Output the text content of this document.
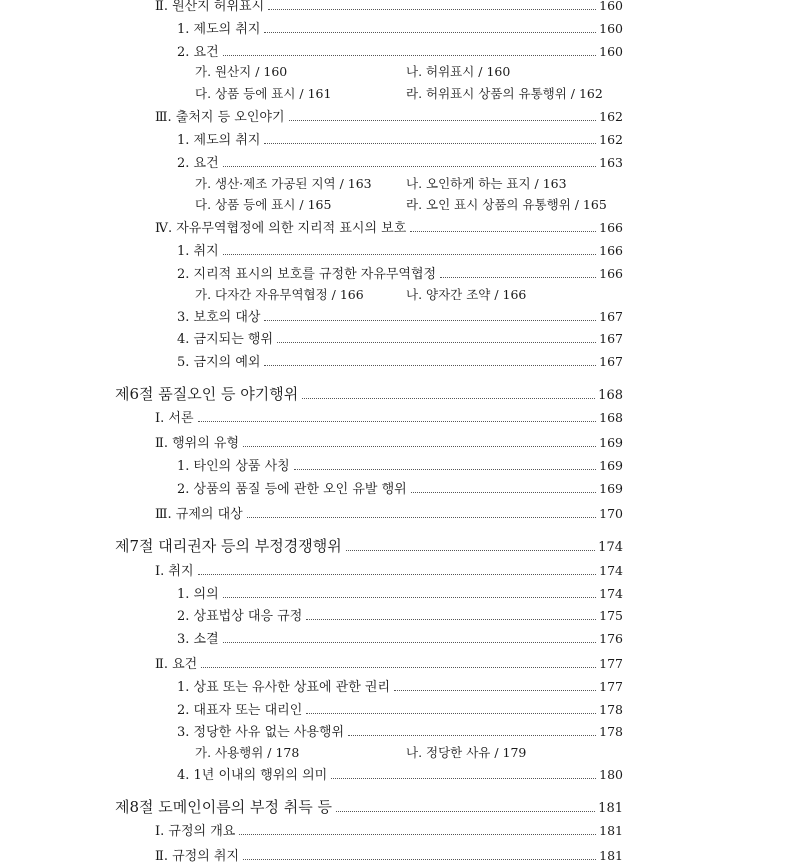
Ⅱ. 원산지 허위표시	160
1. 제도의 취지	160
2. 요건	160
가. 원산지 / 160	나. 허위표시 / 160
다. 상품 등에 표시 / 161	라. 허위표시 상품의 유통행위 / 162
Ⅲ. 출처지 등 오인야기	162
1. 제도의 취지	162
2. 요건	163
가. 생산·제조 가공된 지역 / 163	나. 오인하게 하는 표지 / 163
다. 상품 등에 표시 / 165	라. 오인 표시 상품의 유통행위 / 165
Ⅳ. 자유무역협정에 의한 지리적 표시의 보호	166
1. 취지	166
2. 지리적 표시의 보호를 규정한 자유무역협정	166
가. 다자간 자유무역협정 / 166	나. 양자간 조약 / 166
3. 보호의 대상	167
4. 금지되는 행위	167
5. 금지의 예외	167
제6절 품질오인 등 야기행위	168
Ⅰ. 서론	168
Ⅱ. 행위의 유형	169
1. 타인의 상품 사칭	169
2. 상품의 품질 등에 관한 오인 유발 행위	169
Ⅲ. 규제의 대상	170
제7절 대리권자 등의 부정경쟁행위	174
Ⅰ. 취지	174
1. 의의	174
2. 상표법상 대응 규정	175
3. 소결	176
Ⅱ. 요건	177
1. 상표 또는 유사한 상표에 관한 권리	177
2. 대표자 또는 대리인	178
3. 정당한 사유 없는 사용행위	178
가. 사용행위 / 178	나. 정당한 사유 / 179
4. 1년 이내의 행위의 의미	180
제8절 도메인이름의 부정 취득 등	181
Ⅰ. 규정의 개요	181
Ⅱ. 규정의 취지	181
